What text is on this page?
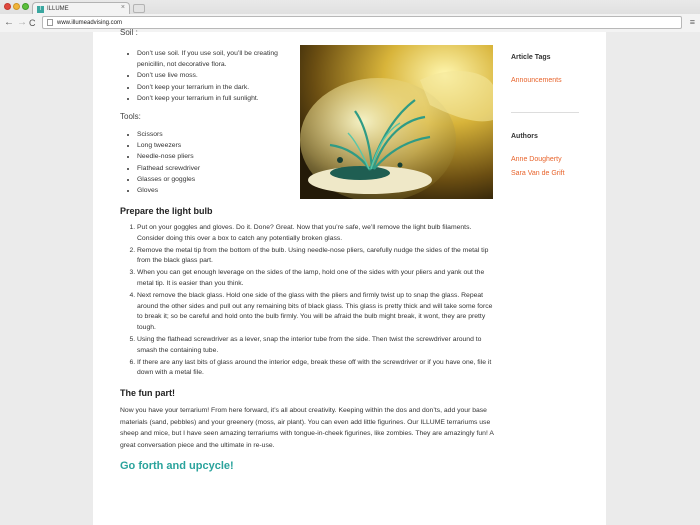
I ILLUME	×
← → C	www.illumeadvising.com	≡
Soil :
• Don’t use soil. If you use soil, you’ll be creating penicillin, not decorative flora.
• Don’t use live moss.
• Don’t keep your terrarium in the dark.
• Don’t keep your terrarium in full sunlight.
Tools:
• Scissors
• Long tweezers
• Needle-nose pliers
• Flathead screwdriver
• Glasses or goggles
• Gloves
Prepare the light bulb
1. Put on your goggles and gloves. Do it. Done? Great. Now that you’re safe, we’ll remove the light bulb filaments. Consider doing this over a box to catch any potentially broken glass.
2. Remove the metal tip from the bottom of the bulb. Using needle-nose pliers, carefully nudge the sides of the metal tip from the black glass part.
3. When you can get enough leverage on the sides of the lamp, hold one of the sides with your pliers and yank out the metal tip. It is easier than you think.
4. Next remove the black glass. Hold one side of the glass with the pliers and firmly twist up to snap the glass. Repeat around the other sides and pull out any remaining bits of black glass. This glass is pretty thick and will take some force to break it; so be careful and hold onto the bulb firmly. You will be afraid the bulb might break, it wont, they are pretty tough.
5. Using the flathead screwdriver as a lever, snap the interior tube from the side. Then twist the screwdriver around to smash the containing tube.
6. If there are any last bits of glass around the interior edge, break these off with the screwdriver or if you have one, file it down with a metal file.
The fun part!

Now you have your terrarium! From here forward, it’s all about creativity. Keeping within the dos and don’ts, add your base materials (sand, pebbles) and your greenery (moss, air plant). You can even add little figurines. Our ILLUME terrariums use sheep and mice, but I have seen amazing terrariums with tongue-in-cheek figurines, like zombies. They are amazingly fun! A great conversation piece and the ultimate in re-use.

Go forth and upcycle!
Article Tags
Announcements
Authors
Anne Dougherty
Sara Van de Grift
